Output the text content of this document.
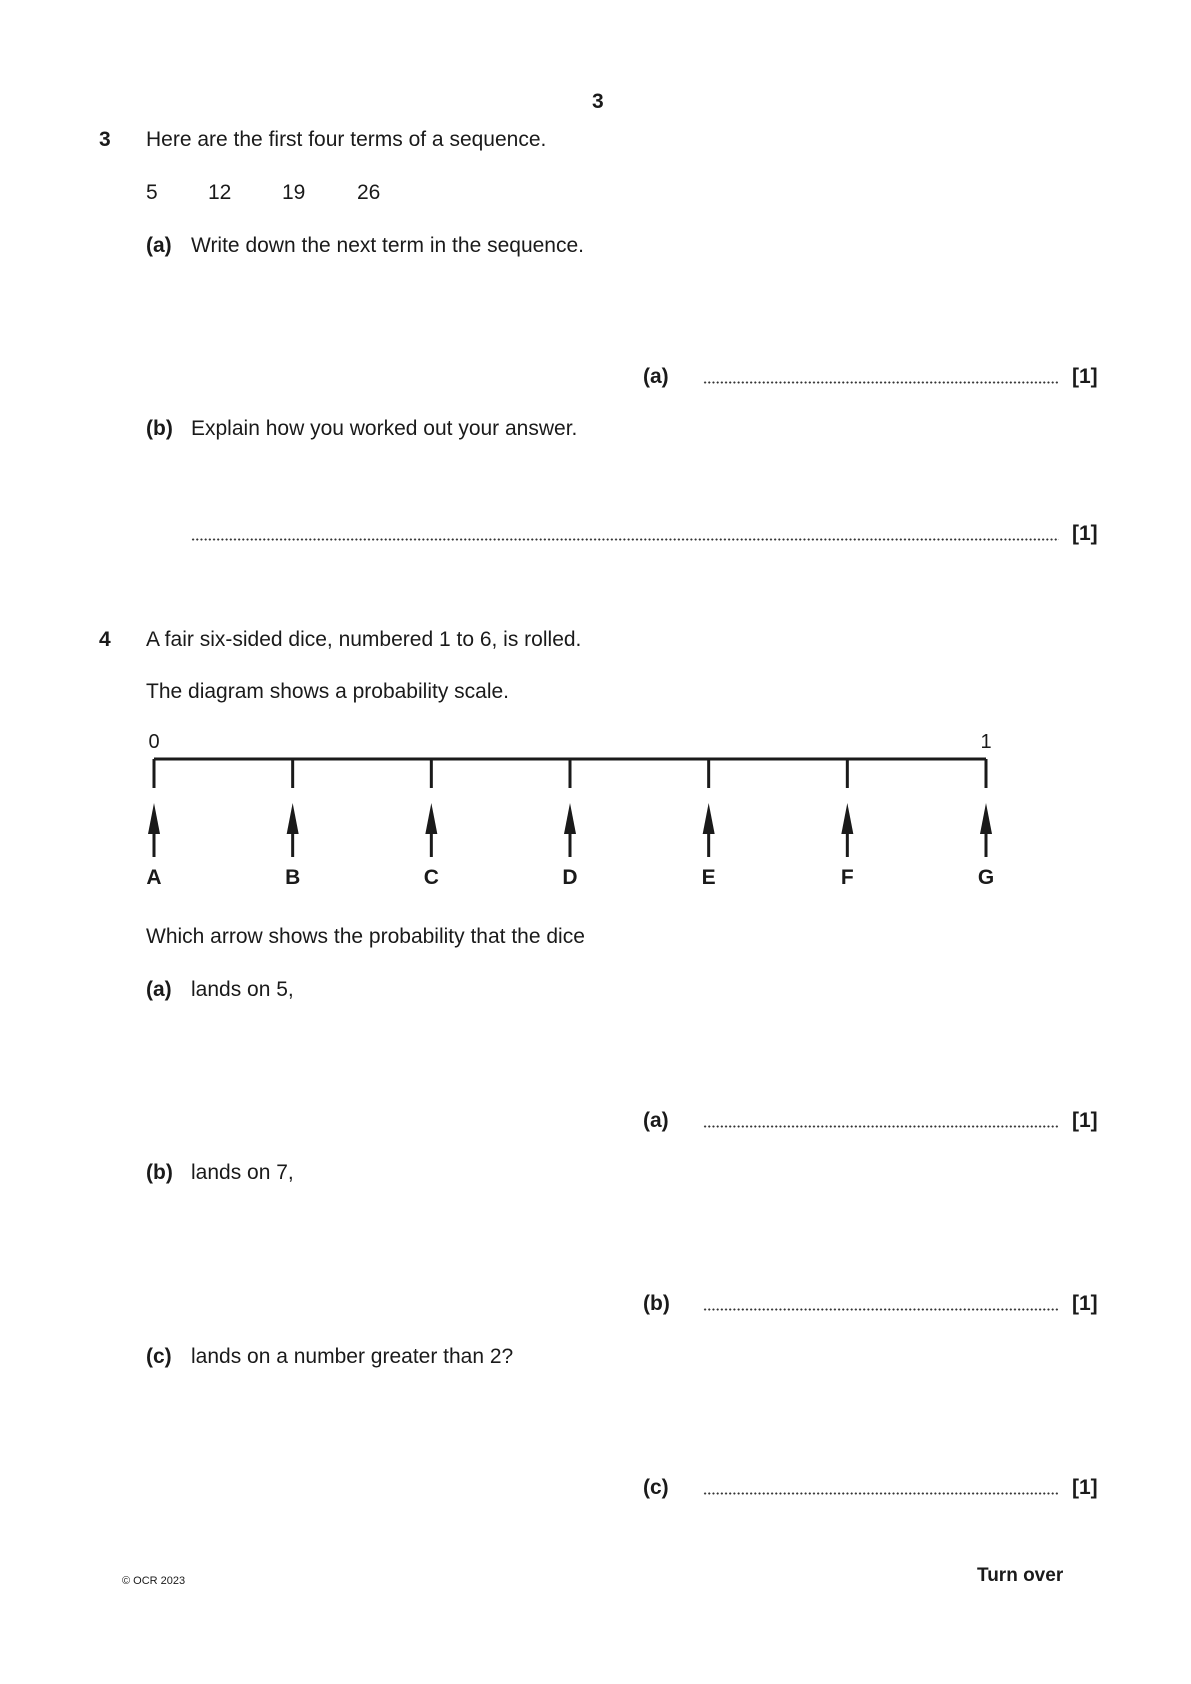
3
3 Here are the first four terms of a sequence.
5 12 19 26
(a) Write down the next term in the sequence.
(a)	[1]
(b) Explain how you worked out your answer.
[1]
4 A fair six-sided dice, numbered 1 to 6, is rolled.
The diagram shows a probability scale.
0	1
A	B	C	D	E	F	G
Which arrow shows the probability that the dice
(a) lands on 5,
(a)	[1]
(b) lands on 7,
(b)	[1]
(c) lands on a number greater than 2?
(c)	[1]
© OCR 2023	Turn over
